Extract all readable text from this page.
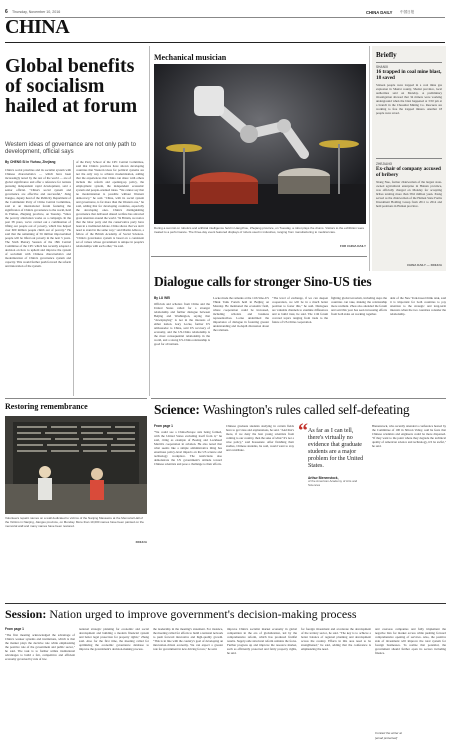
6 Thursday, November 10, 2016	CHINA DAILY 中国日报
CHINA
Global benefits of socialism hailed at forum
Western ideas of governance are not only path to development, official says
By CHENG SI in Yiuhou, Zhejiang
China's social priorities and its socialist system with Chinese characteristics — which have been increasingly noted by the rest of the world — are of global significance and offer a reference for nations pursuing independent rapid development, said a senior official. "China's social system and governance are effective and successful," Jiang Jianguo, deputy head of the Publicity Department of the Communist Party of China Central Committee, said at an international forum featuring the significance of China's governance to the world, held in Yiuhou, Zhejiang province, on Tuesday. "Since the poverty alleviation works as a campaign. In the past 38 years, we've carried out a combination of lifting our people out of poverty, which has helped over 600 million people climb out of poverty." He said that the remaining of 56 million impoverished people will be lifted out poverty in the next 5 years. The Sixth Plenary Session of the 18th Central Committee of the CPC which has recently adopted a decision on how to uphold and improve the system of socialism with Chinese characteristics and modernization of China's governance system and capacity. This would further push forward the reform and innovation of the system.
of the Party School of the CPC Central Committee, said that China's practices have shown developing countries that Western ideas for political systems are not the only way to achieve modernization, adding that the experiences that China can share with others include the reform and opening-up policy, the employment system, the independent economic system and people-oriented ideas. "We cannot say that no modernization is possible without Western democracy," he said. "China, with its social system and governance, is far more than the Western one," he said, adding that for developing countries, especially the developing ones. China's distinguishing governance that delivered shared welfare has attracted great attention around the world. "In Britain, we notice that the labor party and the conservative party have been in a traditional debate. China shows that we don't need to stand in the same way," said Martin Albrow, a fellow of the British Academy of Social Sciences. "China's governance system is based on a consistent set of values whose government is unique in people's relationships with each other," he said.
Mechanical musician
During a summit on robotics and artificial intelligence held in Hangzhou, Zhejiang province, on Tuesday, a robot plays the drums. Visitors to the exhibition were treated to a performance. The three-day event featured displays of robots used in industries, ranging from manufacturing to medical care.
FOR CHINA DAILY
Briefly
SHANXI
16 trapped in coal mine blast, 18 saved
Sixteen people were trapped in a coal mine gas explosion in Shanxi county, Shanxi province, local authorities said on Monday. A preliminary investigation showed that 34 miners were working underground when the blast happened at 3:50 pm at a branch in the Chaoshui Mining Co. Rescuers are working to free the trapped miners. Another 18 people were saved.
ZHEJIANG
Ex-chair of company accused of bribery
Xiang Nuo, former chairwoman of the largest state-owned agricultural enterprise in Hainan province, was officially charged on Monday for accepting bribes totaling more than 58.6 million yuan. Xiang served as the chairwoman of the Hainan State Farms Investment Holding Group from 2011 to 2014 and held positions in Hainan province.
CHINA DAILY — XINHUA
Dialogue calls for stronger Sino-US ties
By LU WEI
Officials and scholars from China and the United States called for a stronger relationship and further dialogue between Beijing and Washington, saying that "downplaying" is not in the interests of either nation. Gary Locke, former US ambassador to China, said US recovery of economy, and the US-China relationship is the most consequential relationship in the world, and a strong US-China relationship is good for all nations.
Locke made the remarks at the 11th Sino-US Think Tank Forum held in Beijing on Monday. He mentioned the economic field, where cooperation could be increased, including scholars and business representatives. Locke underlined the importance of dialogue in fostering greater understanding and in-depth discussion about the relations.
"The level of exchange, if we can deepen cooperation, we will be in a much better position to foster this," he said. Dialogues are valuable channels to examine differences and to build trust, he said. The 11th forum covered topics ranging from trade to the future of US-China cooperation.
fighting global terrorism, including steps the countries can take, making the relationship more resilient. Zhou also attended the forum and said this year has seen increasing efforts from both sides on working together.
dent of the New York-based think tank, said it is important for both countries to pay attention to the strategic and long-term interests when the two countries consider the relationship.
Science: Washington's rules called self-defeating
From page 1
"We could see a China-Europe axis being formed, with the United States excluding itself from it," he said, citing as example of Boeing and Lockheed Martin's cooperation in aviation. He also noted that what seems like a simple administrative thing has enormous policy-level impacts on the US science and technology workplace. The restrictions also demonstrate the US government's attitude toward Chinese scientists and pose a challenge to their efforts.
Chinese graduate students studying in certain fields have to get visas and explanations, he said. "And that's more, if we deny the best young scientists from coming to our country, then the sake of what? It's not a wise policy," said Kassenetz. After finishing their studies, Chinese students, he said, would want to stay and contribute.
“ As far as I can tell, there's virtually no evidence that graduate students are a major problem for the United States.
Arthur Bienenstock,
of the American Academy of Arts and Sciences
Bienenstock, who recently attended a conference hosted by the Committee of 100 in Silicon Valley, said he fears that Chinese scientists and engineers could be more dispersed. "If they went to the point where they degrade the technical quality of American science and technology, it'd be awful," he said.
Restoring remembrance
Volunteers repaint names on a wall dedicated to victims of the Nanjing Massacre at the Memorial Hall of the Victims in Nanjing, Jiangsu province, on Monday. More than 10,000 names have been painted on the memorial wall and many names have been restored.
XINHUA
Session: Nation urged to improve government's decision-making process
From page 1
"The first meeting acknowledged the advantage of China's weaker systems and institutions, which is that the market plays the decisive role while emphasizing the positive role of the government and public sector," he said. The task is to further utilize institutional advantages to build a fair, competitive and efficient economy governed by rule of law.
national strategic planning for economic and social development and building a modern financial system and better legal protection for property rights," Zhang said. Also for the first time, the meeting called for optimizing the economic governance database to improve the government's decision-making process.
the leadership in the meeting's statement. For instance, the meeting called for efforts to build a national network to push forward innovative and high-quality growth. "This is in line with the country's goal of developing an innovation-driven economy. We can expect a greater role for government in new driving forces," he said.
improve China's socialist market economy in global competition in the era of globalization, led by the comprehensive reform, which has produced fruitful results. Supply-side structural reform remains the focus. Further progress up and improve the resource market, such as efficiently protected and fairly property rights, he said.
for foreign investment and accelerate the development of the tertiary sector, he said. "The key is to achieve a better balance of regional planning and development across the country. Efforts in this area need to be strengthened," he said, adding that the conference is emphasizing the need.
and overseas companies and fully implement the negative lists for market access while pushing forward comprehensive opening of services. Also, the positive side of investment will improve the total system for foreign businesses. To realize that potential, the government should further open its sectors including finance.
Contact the writer at
[email protected]
